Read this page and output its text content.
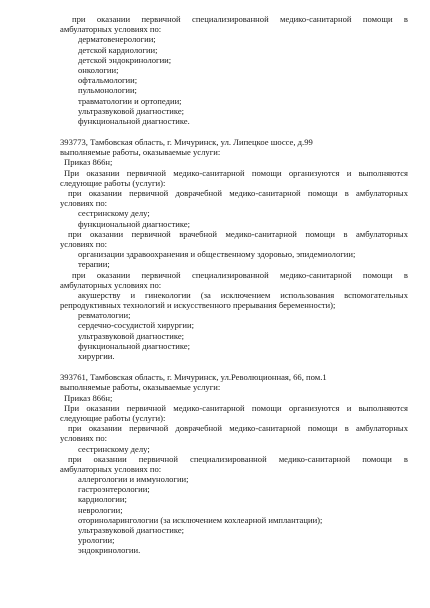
при оказании первичной специализированной медико-санитарной помощи в
амбулаторных условиях по:
дерматовенерологии;
детской кардиологии;
детской эндокринологии;
онкологии;
офтальмологии;
пульмонологии;
травматологии и ортопедии;
ультразвуковой диагностике;
функциональной диагностике.
393773, Тамбовская область, г. Мичуринск, ул. Липецкое шоссе, д.99
выполняемые работы, оказываемые услуги:
Приказ 866н;
При оказании первичной медико-санитарной помощи организуются и выполняются
следующие работы (услуги):
при оказании первичной доврачебной медико-санитарной помощи в амбулаторных
условиях по:
сестринскому делу;
функциональной диагностике;
при оказании первичной врачебной медико-санитарной помощи в амбулаторных
условиях по:
организации здравоохранения и общественному здоровью, эпидемиологии;
терапии;
при оказании первичной специализированной медико-санитарной помощи в
амбулаторных условиях по:
акушерству и гинекологии (за исключением использования вспомогательных
репродуктивных технологий и искусственного прерывания беременности);
ревматологии;
сердечно-сосудистой хирургии;
ультразвуковой диагностике;
функциональной диагностике;
хирургии.
393761, Тамбовская область, г. Мичуринск, ул.Революционная, 66, пом.1
выполняемые работы, оказываемые услуги:
Приказ 866н;
При оказании первичной медико-санитарной помощи организуются и выполняются
следующие работы (услуги):
при оказании первичной доврачебной медико-санитарной помощи в амбулаторных
условиях по:
сестринскому делу;
при оказании первичной специализированной медико-санитарной помощи в
амбулаторных условиях по:
аллергологии и иммунологии;
гастроэнтерологии;
кардиологии;
неврологии;
оториноларингологии (за исключением кохлеарной имплантации);
ультразвуковой диагностике;
урологии;
эндокринологии.
